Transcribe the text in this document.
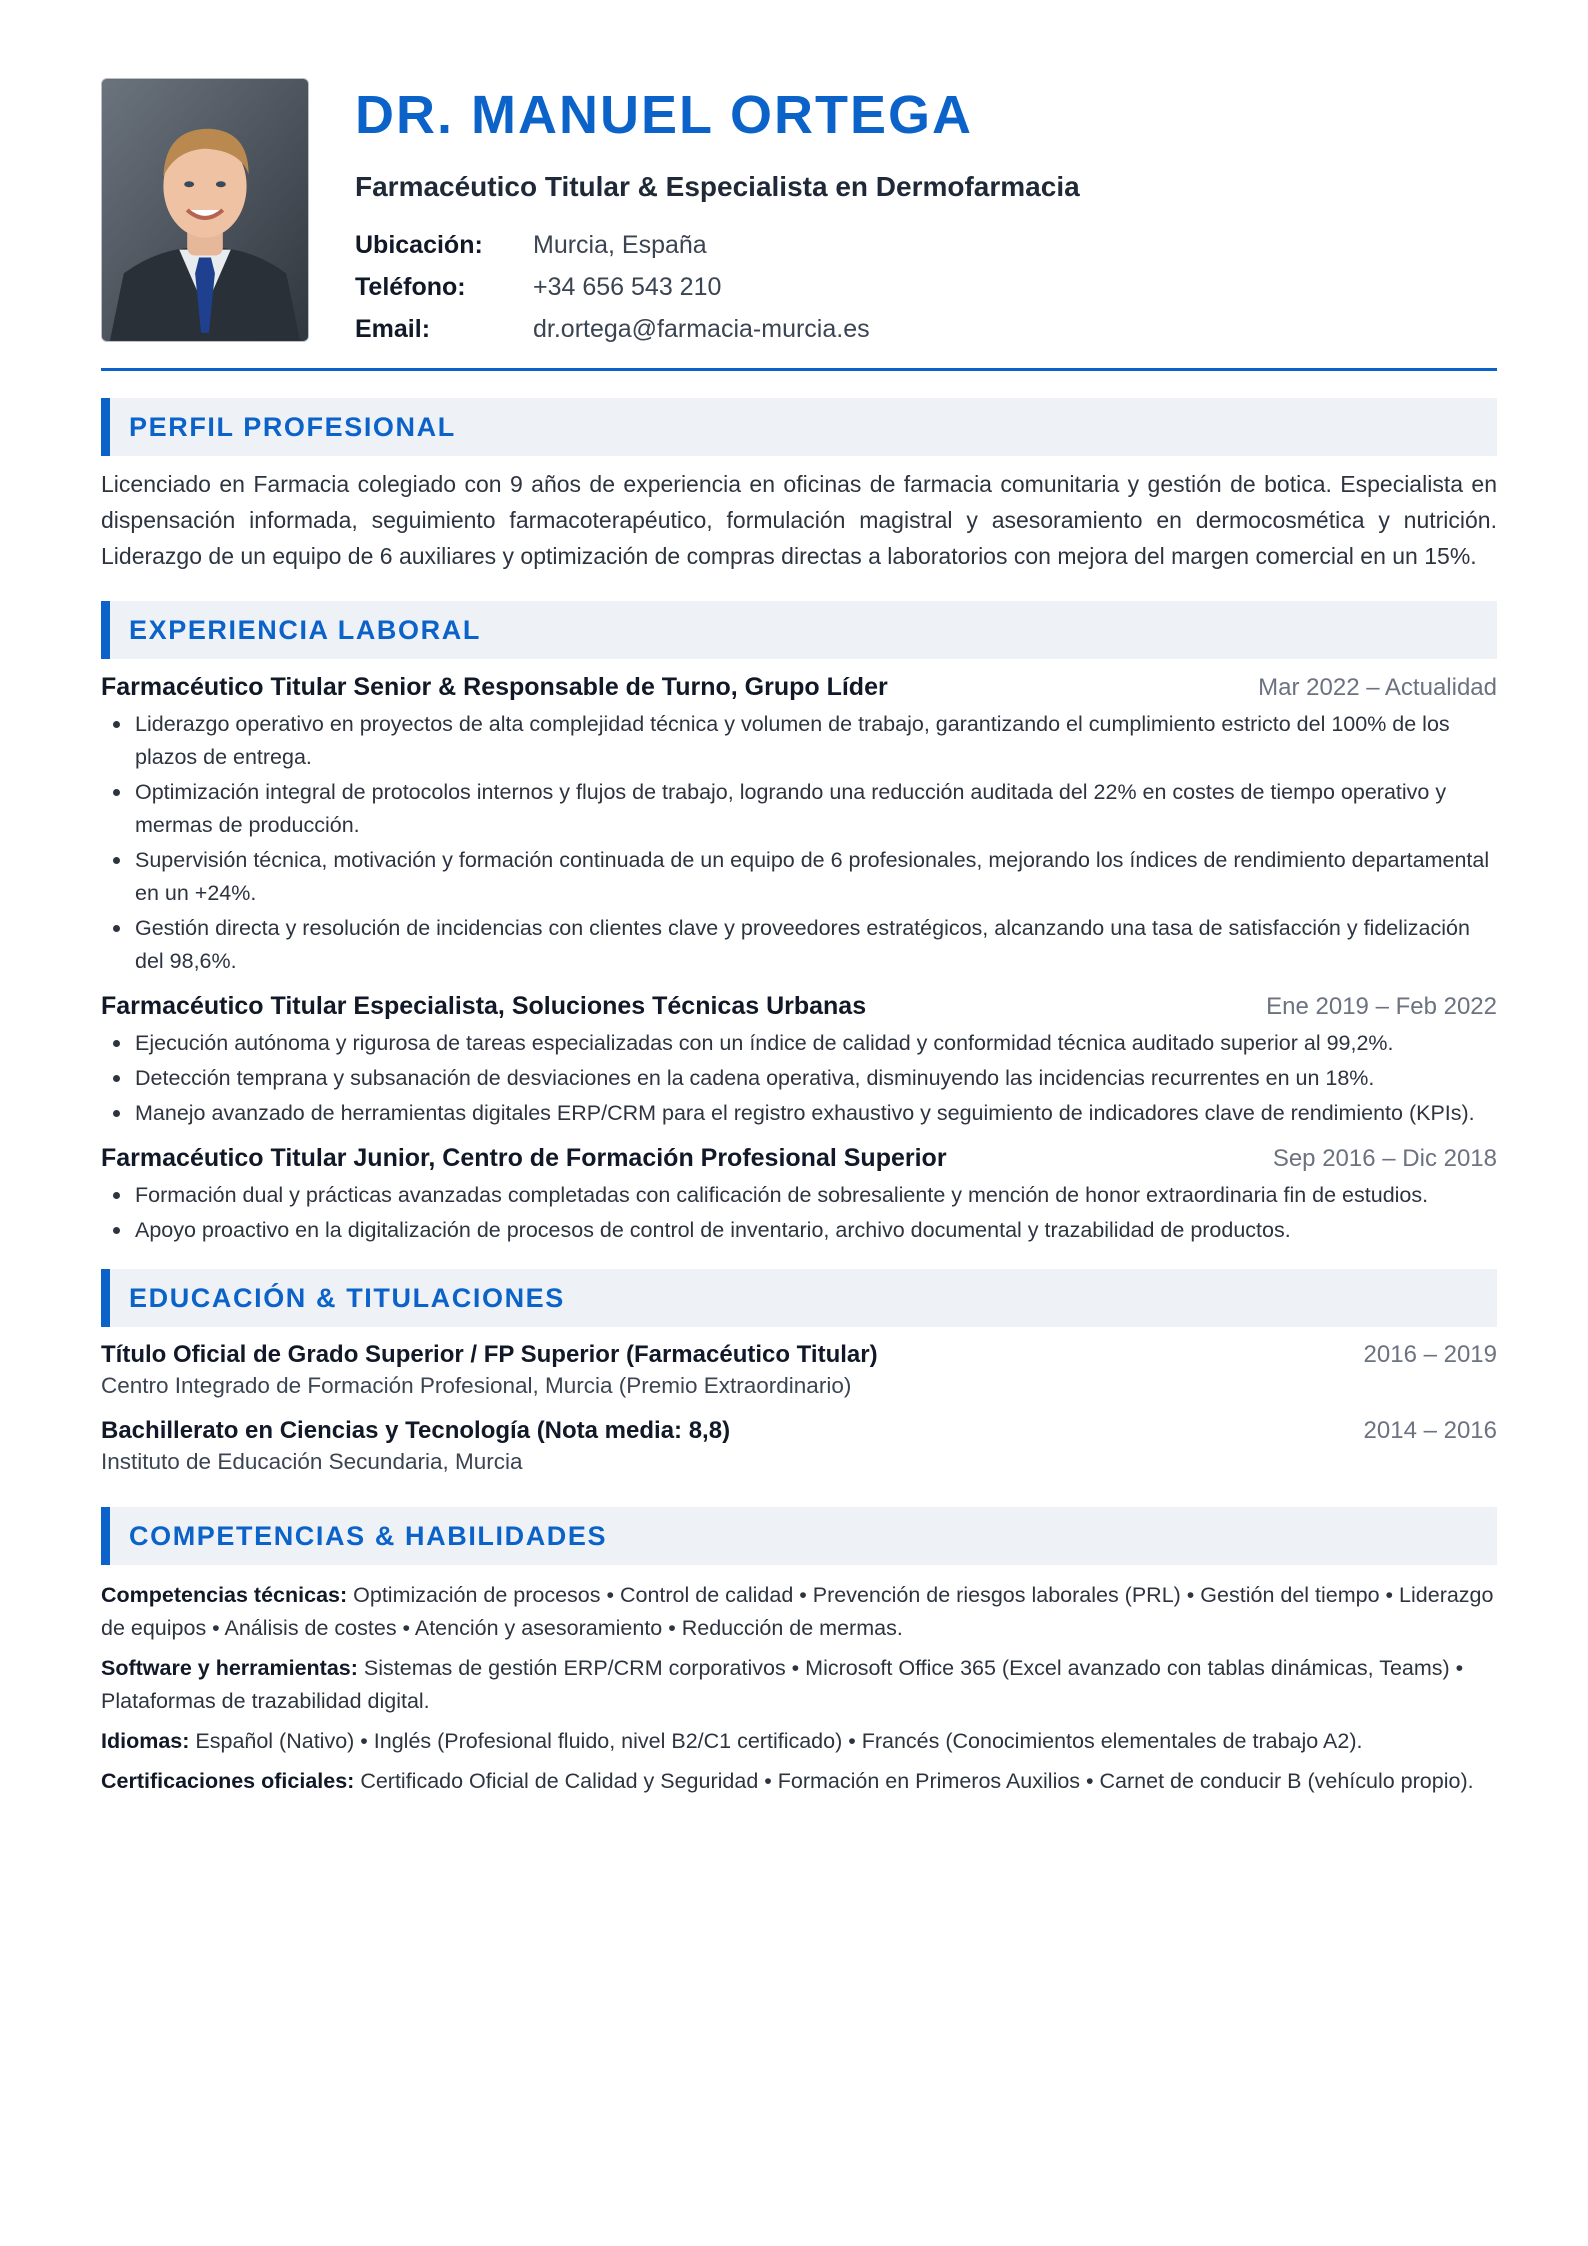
DR. MANUEL ORTEGA
Farmacéutico Titular & Especialista en Dermofarmacia
Ubicación:	Murcia, España
Teléfono:	+34 656 543 210
Email:	dr.ortega@farmacia-murcia.es
PERFIL PROFESIONAL

Licenciado en Farmacia colegiado con 9 años de experiencia en oficinas de farmacia comunitaria y gestión de botica. Especialista en dispensación informada, seguimiento farmacoterapéutico, formulación magistral y asesoramiento en dermocosmética y nutrición. Liderazgo de un equipo de 6 auxiliares y optimización de compras directas a laboratorios con mejora del margen comercial en un 15%.

EXPERIENCIA LABORAL
Farmacéutico Titular Senior & Responsable de Turno, Grupo Líder	Mar 2022 – Actualidad
Liderazgo operativo en proyectos de alta complejidad técnica y volumen de trabajo, garantizando el cumplimiento estricto del 100% de los plazos de entrega.
Optimización integral de protocolos internos y flujos de trabajo, logrando una reducción auditada del 22% en costes de tiempo operativo y mermas de producción.
Supervisión técnica, motivación y formación continuada de un equipo de 6 profesionales, mejorando los índices de rendimiento departamental en un +24%.
Gestión directa y resolución de incidencias con clientes clave y proveedores estratégicos, alcanzando una tasa de satisfacción y fidelización del 98,6%.
Farmacéutico Titular Especialista, Soluciones Técnicas Urbanas	Ene 2019 – Feb 2022
Ejecución autónoma y rigurosa de tareas especializadas con un índice de calidad y conformidad técnica auditado superior al 99,2%.
Detección temprana y subsanación de desviaciones en la cadena operativa, disminuyendo las incidencias recurrentes en un 18%.
Manejo avanzado de herramientas digitales ERP/CRM para el registro exhaustivo y seguimiento de indicadores clave de rendimiento (KPIs).
Farmacéutico Titular Junior, Centro de Formación Profesional Superior	Sep 2016 – Dic 2018
Formación dual y prácticas avanzadas completadas con calificación de sobresaliente y mención de honor extraordinaria fin de estudios.
Apoyo proactivo en la digitalización de procesos de control de inventario, archivo documental y trazabilidad de productos.
EDUCACIÓN & TITULACIONES
Título Oficial de Grado Superior / FP Superior (Farmacéutico Titular)	2016 – 2019
Centro Integrado de Formación Profesional, Murcia (Premio Extraordinario)
Bachillerato en Ciencias y Tecnología (Nota media: 8,8)	2014 – 2016
Instituto de Educación Secundaria, Murcia
COMPETENCIAS & HABILIDADES

Competencias técnicas: Optimización de procesos • Control de calidad • Prevención de riesgos laborales (PRL) • Gestión del tiempo • Liderazgo de equipos • Análisis de costes • Atención y asesoramiento • Reducción de mermas.

Software y herramientas: Sistemas de gestión ERP/CRM corporativos • Microsoft Office 365 (Excel avanzado con tablas dinámicas, Teams) • Plataformas de trazabilidad digital.

Idiomas: Español (Nativo) • Inglés (Profesional fluido, nivel B2/C1 certificado) • Francés (Conocimientos elementales de trabajo A2).

Certificaciones oficiales: Certificado Oficial de Calidad y Seguridad • Formación en Primeros Auxilios • Carnet de conducir B (vehículo propio).
